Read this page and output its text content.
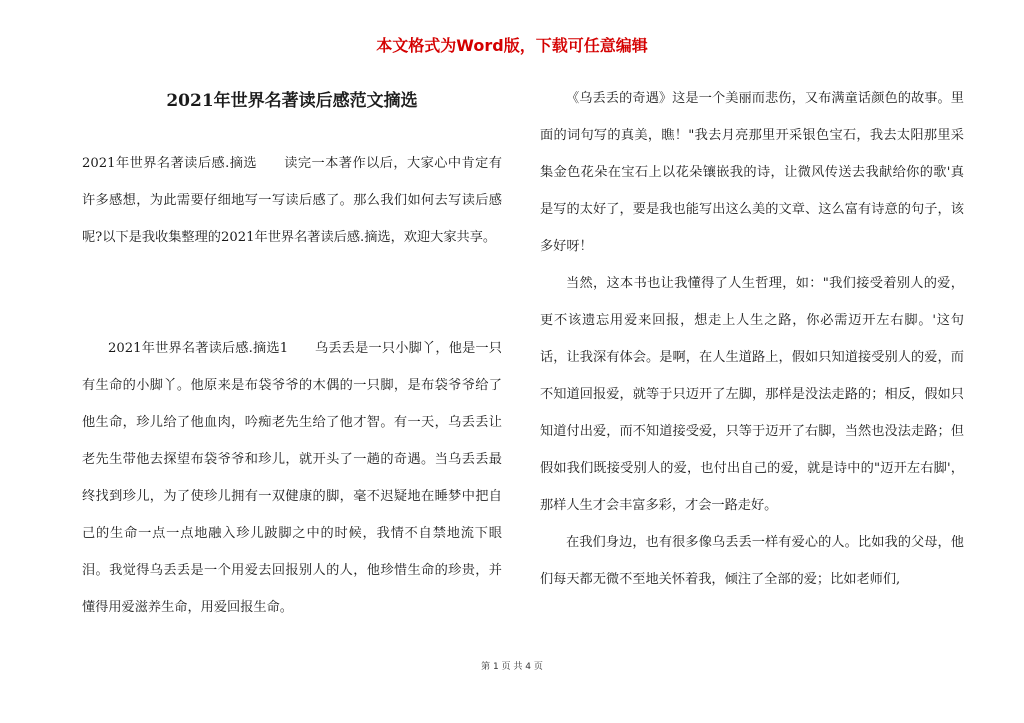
本文格式为Word版，下载可任意编辑
2021年世界名著读后感范文摘选

2021年世界名著读后感.摘选　　读完一本著作以后，大家心中肯定有许多感想，为此需要仔细地写一写读后感了。那么我们如何去写读后感呢?以下是我收集整理的2021年世界名著读后感.摘选，欢迎大家共享。

2021年世界名著读后感.摘选1　　乌丢丢是一只小脚丫，他是一只有生命的小脚丫。他原来是布袋爷爷的木偶的一只脚，是布袋爷爷给了他生命，珍儿给了他血肉，吟痴老先生给了他才智。有一天，乌丢丢让老先生带他去探望布袋爷爷和珍儿，就开头了一趟的奇遇。当乌丢丢最终找到珍儿，为了使珍儿拥有一双健康的脚，毫不迟疑地在睡梦中把自己的生命一点一点地融入珍儿跛脚之中的时候，我情不自禁地流下眼泪。我觉得乌丢丢是一个用爱去回报别人的人，他珍惜生命的珍贵，并懂得用爱滋养生命，用爱回报生命。

《乌丢丢的奇遇》这是一个美丽而悲伤，又布满童话颜色的故事。里面的词句写的真美，瞧！"我去月亮那里开采银色宝石，我去太阳那里采集金色花朵在宝石上以花朵镶嵌我的诗，让微风传送去我献给你的歌'真是写的太好了，要是我也能写出这么美的文章、这么富有诗意的句子，该多好呀！

当然，这本书也让我懂得了人生哲理，如："我们接受着别人的爱，更不该遗忘用爱来回报，想走上人生之路，你必需迈开左右脚。'这句话，让我深有体会。是啊，在人生道路上，假如只知道接受别人的爱，而不知道回报爱，就等于只迈开了左脚，那样是没法走路的；相反，假如只知道付出爱，而不知道接受爱，只等于迈开了右脚，当然也没法走路；但假如我们既接受别人的爱，也付出自己的爱，就是诗中的"迈开左右脚'，那样人生才会丰富多彩，才会一路走好。

在我们身边，也有很多像乌丢丢一样有爱心的人。比如我的父母，他们每天都无微不至地关怀着我，倾注了全部的爱；比如老师们,

第 1 页 共 4 页
